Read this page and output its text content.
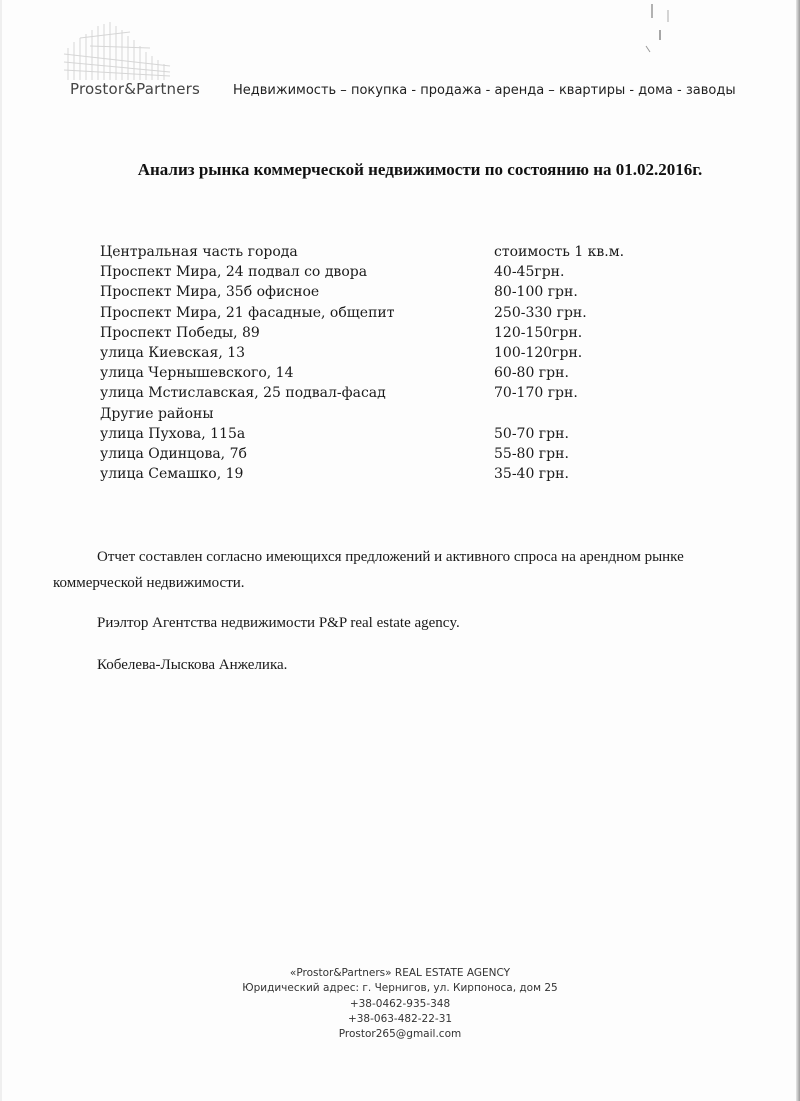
Prostor&Partners	Недвижимость – покупка - продажа - аренда – квартиры - дома - заводы
Анализ рынка коммерческой недвижимости по состоянию на 01.02.2016г.
Центральная часть города	стоимость 1 кв.м.
Проспект Мира, 24 подвал со двора	40-45грн.
Проспект Мира, 35б офисное	80-100 грн.
Проспект Мира, 21 фасадные, общепит	250-330 грн.
Проспект Победы, 89	120-150грн.
улица Киевская, 13	100-120грн.
улица Чернышевского, 14	60-80 грн.
улица Мстиславская, 25 подвал-фасад	70-170 грн.
Другие районы
улица Пухова, 115а	50-70 грн.
улица Одинцова, 7б	55-80 грн.
улица Семашко, 19	35-40 грн.
Отчет составлен согласно имеющихся предложений и активного спроса на арендном рынке
коммерческой недвижимости.
Риэлтор Агентства недвижимости P&P real estate agency.
Кобелева-Лыскова Анжелика.
«Prostor&Partners» REAL ESTATE AGENCY
Юридический адрес: г. Чернигов, ул. Кирпоноса, дом 25
+38-0462-935-348
+38-063-482-22-31
Prostor265@gmail.com
